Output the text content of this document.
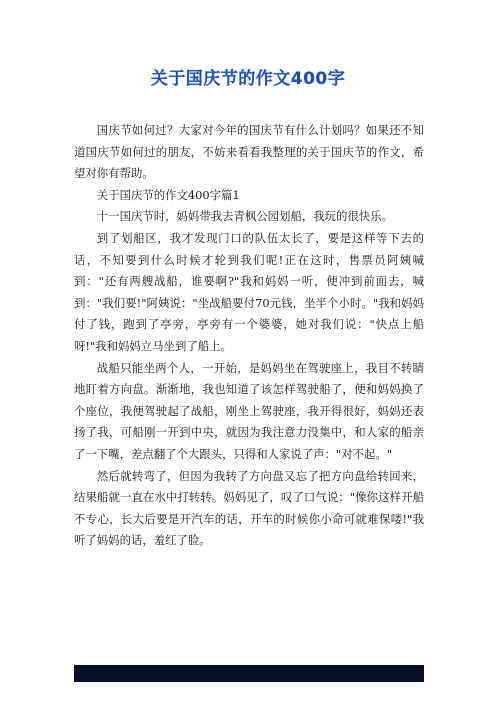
关于国庆节的作文400字

国庆节如何过？大家对今年的国庆节有什么计划吗？如果还不知道国庆节如何过的朋友，不妨来看看我整理的关于国庆节的作文，希望对你有帮助。

关于国庆节的作文400字篇1

十一国庆节时，妈妈带我去青枫公园划船，我玩的很快乐。

到了划船区，我才发现门口的队伍太长了，要是这样等下去的话，不知要到什么时候才轮到我们呢!正在这时，售票员阿姨喊到："还有两艘战船，谁要啊?"我和妈妈一听，便冲到前面去，喊到："我们要!"阿姨说："坐战船要付70元钱，坐半个小时。"我和妈妈付了钱，跑到了亭旁，亭旁有一个婆婆，她对我们说："快点上船呀!"我和妈妈立马坐到了船上。

战船只能坐两个人，一开始，是妈妈坐在驾驶座上，我目不转睛地盯着方向盘。渐渐地，我也知道了该怎样驾驶船了，便和妈妈换了个座位，我便驾驶起了战船，刚坐上驾驶座，我开得很好，妈妈还表扬了我，可船刚一开到中央，就因为我注意力没集中，和人家的船亲了一下嘴，差点翻了个大跟头，只得和人家说了声："对不起。"

然后就转弯了，但因为我转了方向盘又忘了把方向盘给转回来，结果船就一直在水中打转转。妈妈见了，叹了口气说："像你这样开船不专心，长大后要是开汽车的话，开车的时候你小命可就难保喽!"我听了妈妈的话，羞红了脸。

第 1 页   /   总共4 页
